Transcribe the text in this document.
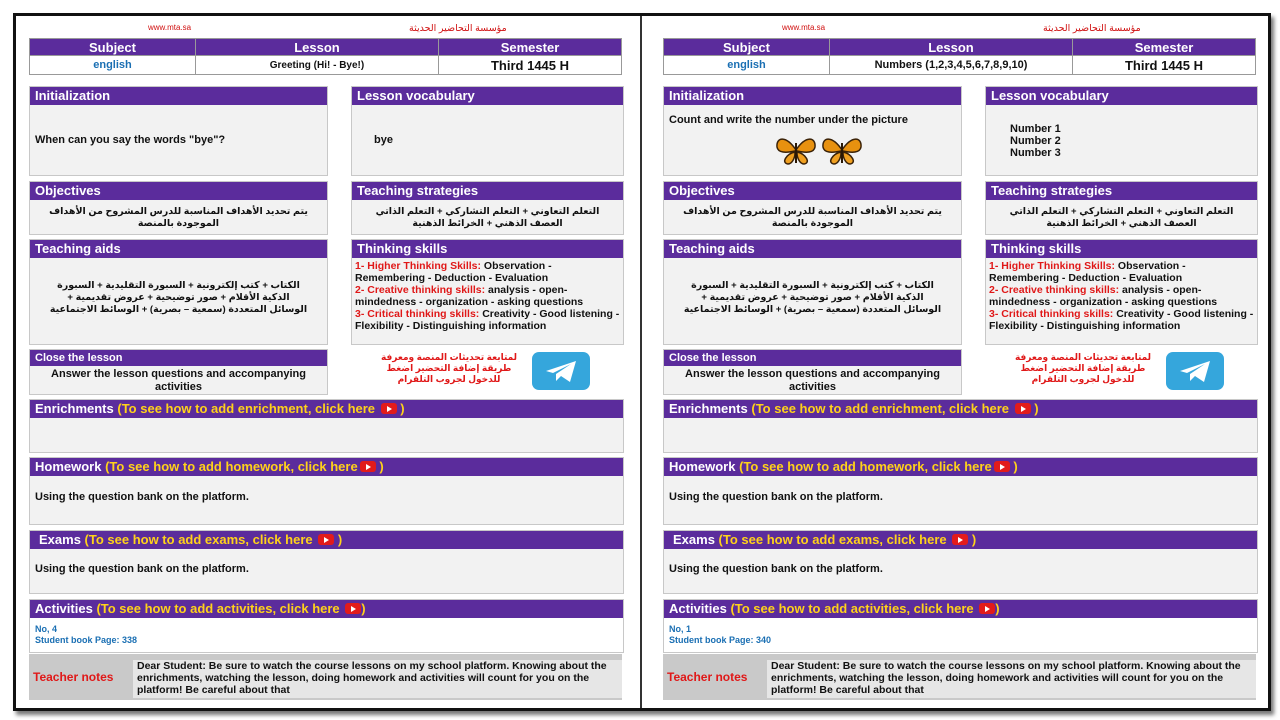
www.mta.sa	مؤسسة التحاضير الحديثة
Subject	Lesson	Semester
english	Greeting (Hi! - Bye!)	Third 1445 H
Initialization
When can you say the words "bye"?
Lesson vocabulary
bye
Objectives
يتم تحديد الأهداف المناسبة للدرس المشروح من الأهداف الموجودة بالمنصة
Teaching strategies
التعلم التعاوني + التعلم التشاركي + التعلم الذاتي العصف الذهني + الخرائط الذهنية
Teaching aids
الكتاب + كتب إلكترونية + السبورة التقليدية + السبورة الذكية الأقلام + صور توضيحية + عروض تقديمية + الوسائل المتعددة (سمعية – بصرية) + الوسائط الاجتماعية
Thinking skills
1- Higher Thinking Skills: Observation - Remembering - Deduction - Evaluation
2- Creative thinking skills: analysis - open-mindedness - organization - asking questions
3- Critical thinking skills: Creativity - Good listening - Flexibility - Distinguishing information
Close the lesson
Answer the lesson questions and accompanying activities
لمتابعة تحديثات المنصة ومعرفة طريقة إضافة التحضير اضغط للدخول لجروب التلقرام
Enrichments (To see how to add enrichment, click here )
Homework (To see how to add homework, click here )
Using the question bank on the platform.
Exams (To see how to add exams, click here )
Using the question bank on the platform.
Activities (To see how to add activities, click here )
No, 4
Student book Page: 338
Teacher notes
Dear Student: Be sure to watch the course lessons on my school platform. Knowing about the enrichments, watching the lesson, doing homework and activities will count for you on the platform! Be careful about that
www.mta.sa	مؤسسة التحاضير الحديثة
Subject	Lesson	Semester
english	Numbers (1,2,3,4,5,6,7,8,9,10)	Third 1445 H
Initialization
Count and write the number under the picture
Lesson vocabulary
Number 1
Number 2
Number 3
Objectives
يتم تحديد الأهداف المناسبة للدرس المشروح من الأهداف الموجودة بالمنصة
Teaching strategies
التعلم التعاوني + التعلم التشاركي + التعلم الذاتي العصف الذهني + الخرائط الذهنية
Teaching aids
الكتاب + كتب إلكترونية + السبورة التقليدية + السبورة الذكية الأقلام + صور توضيحية + عروض تقديمية + الوسائل المتعددة (سمعية – بصرية) + الوسائط الاجتماعية
Thinking skills
1- Higher Thinking Skills: Observation - Remembering - Deduction - Evaluation
2- Creative thinking skills: analysis - open-mindedness - organization - asking questions
3- Critical thinking skills: Creativity - Good listening - Flexibility - Distinguishing information
Close the lesson
Answer the lesson questions and accompanying activities
لمتابعة تحديثات المنصة ومعرفة طريقة إضافة التحضير اضغط للدخول لجروب التلقرام
Enrichments (To see how to add enrichment, click here )
Homework (To see how to add homework, click here )
Using the question bank on the platform.
Exams (To see how to add exams, click here )
Using the question bank on the platform.
Activities (To see how to add activities, click here )
No, 1
Student book Page: 340
Teacher notes
Dear Student: Be sure to watch the course lessons on my school platform. Knowing about the enrichments, watching the lesson, doing homework and activities will count for you on the platform! Be careful about that
